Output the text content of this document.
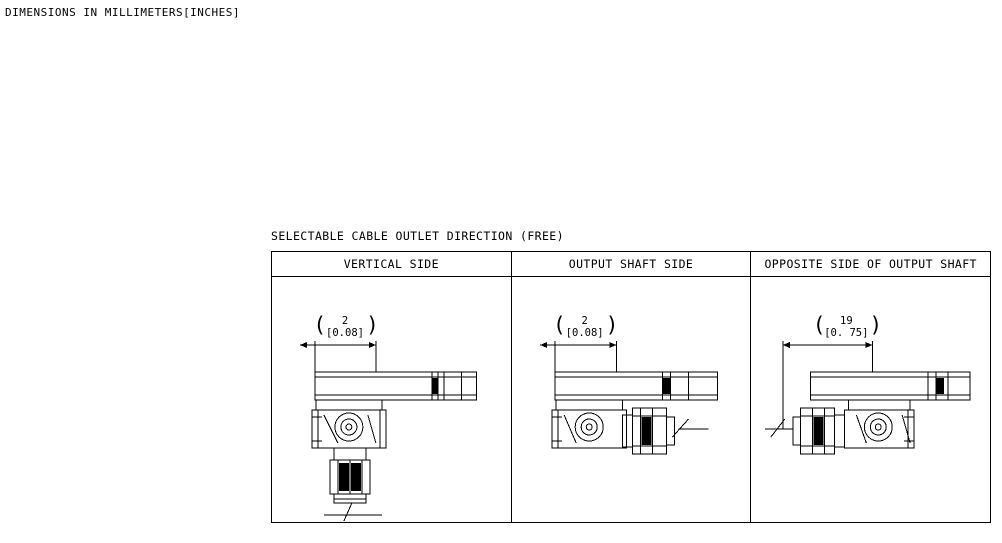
DIMENSIONS IN MILLIMETERS[INCHES]
SELECTABLE CABLE OUTLET DIRECTION (FREE)
VERTICAL SIDE
2
[0.08]
( )
OUTPUT SHAFT SIDE
2
[0.08]
( )
OPPOSITE SIDE OF OUTPUT SHAFT
19
[0. 75]
( )
